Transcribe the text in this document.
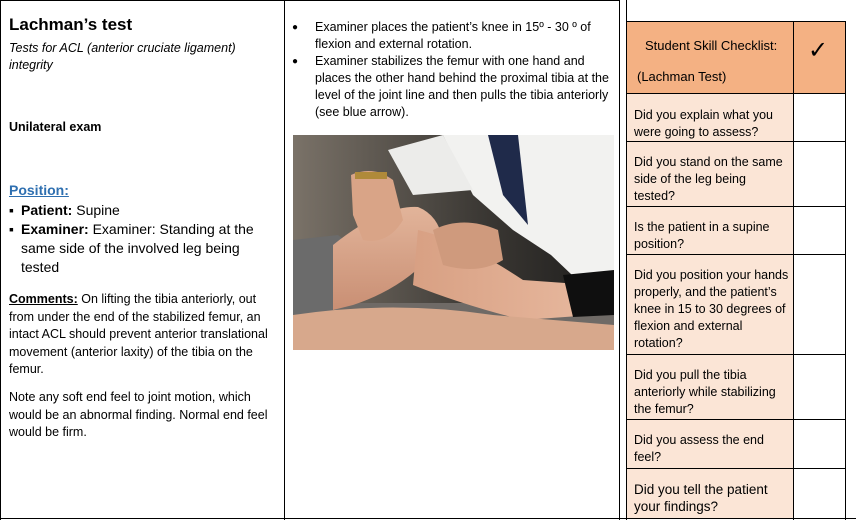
Lachman’s test
Tests for ACL (anterior cruciate ligament) integrity
Unilateral exam
Position:
▪ Patient: Supine
▪ Examiner: Examiner: Standing at the same side of the involved leg being tested
Comments: On lifting the tibia anteriorly, out from under the end of the stabilized femur, an intact ACL should prevent anterior translational movement (anterior laxity) of the tibia on the femur.
Note any soft end feel to joint motion, which would be an abnormal finding. Normal end feel would be firm.
●	Examiner places the patient’s knee in 15º - 30 º of flexion and external rotation.
●	Examiner stabilizes the femur with one hand and places the other hand behind the proximal tibia at the level of the joint line and then pulls the tibia anteriorly (see blue arrow).
Student Skill Checklist:
(Lachman Test)
✓
Did you explain what you were going to assess?
Did you stand on the same side of the leg being tested?
Is the patient in a supine position?
Did you position your hands properly, and the patient’s knee in 15 to 30 degrees of flexion and external rotation?
Did you pull the tibia anteriorly while stabilizing the femur?
Did you assess the end feel?
Did you tell the patient your findings?
